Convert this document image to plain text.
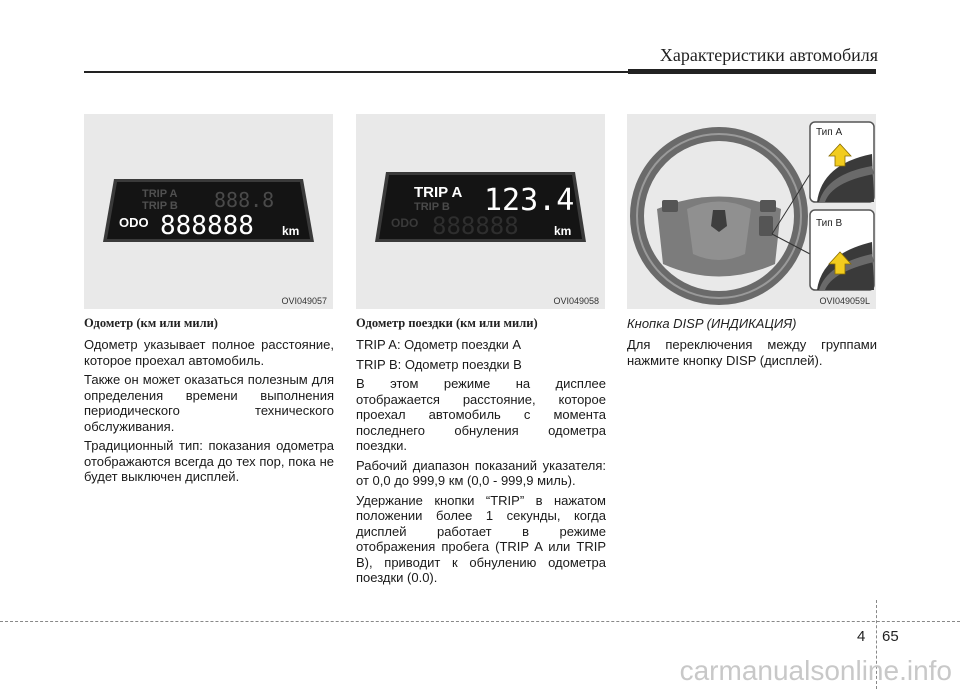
Характеристики автомобиля
TRIP A
TRIP B 888.8
ODO 888888 km
OVI049057
TRIP A
TRIP B 123.4
ODO 888888	km
OVI049058
Тип A
Тип B
OVI049059L
Одометр (км или мили)

Одометр указывает полное расстояние, которое проехал автомобиль.

Также он может оказаться полезным для определения времени выполнения периодического технического обслуживания.

Традиционный тип: показания одометра отображаются всегда до тех пор, пока не будет выключен дисплей.

Одометр поездки (км или мили)

TRIP A: Одометр поездки A

TRIP B: Одометр поездки B

В этом режиме на дисплее отображается расстояние, которое проехал автомобиль с момента последнего обнуления одометра поездки.

Рабочий диапазон показаний указателя: от 0,0 до 999,9 км (0,0 - 999,9 миль).

Удержание кнопки “TRIP” в нажатом положении более 1 секунды, когда дисплей работает в режиме отображения пробега (TRIP A или TRIP B), приводит к обнулению одометра поездки (0.0).

Кнопка DISP (ИНДИКАЦИЯ)

Для переключения между группами нажмите кнопку DISP (дисплей).

4 65
carmanualsonline.info
